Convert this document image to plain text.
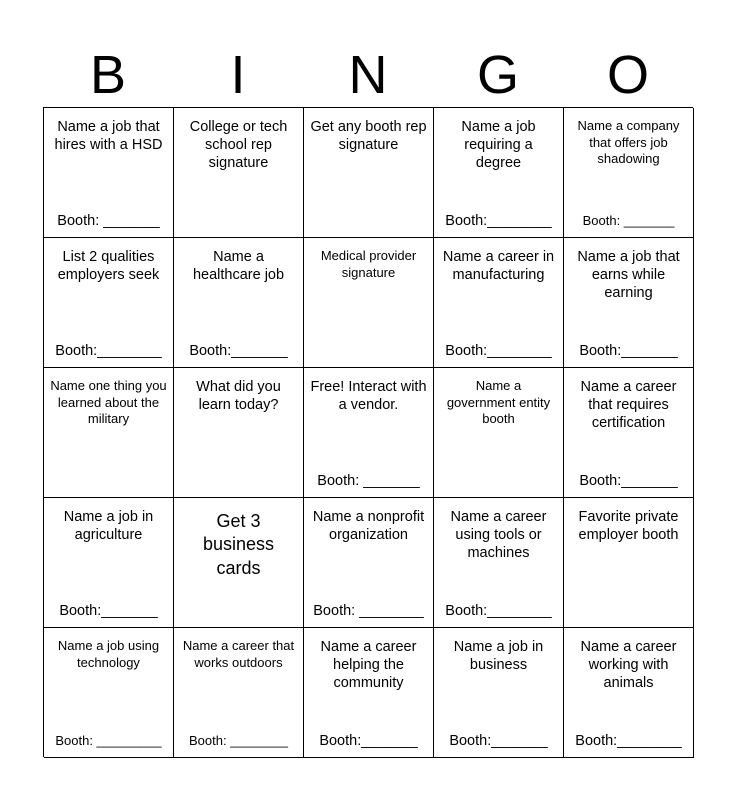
B	I	N	G	O

Name a job that hires with a HSD

Booth: _______

College or tech school rep signature

Get any booth rep signature

Name a job requiring a degree

Booth:________

Name a company that offers job shadowing

Booth: _______

List 2 qualities employers seek

Booth:________

Name a healthcare job

Booth:_______

Medical provider signature

Name a career in manufacturing

Booth:________

Name a job that earns while earning

Booth:_______

Name one thing you learned about the military

What did you learn today?

Free! Interact with a vendor.

Booth: _______

Name a government entity booth

Name a career that requires certification

Booth:_______

Name a job in agriculture

Booth:_______

Get 3 business cards

Name a nonprofit organization

Booth: ________

Name a career using tools or machines

Booth:________

Favorite private employer booth

Name a job using technology

Booth: _________

Name a career that works outdoors

Booth: ________

Name a career helping the community

Booth:_______

Name a job in business

Booth:_______

Name a career working with animals

Booth:________
